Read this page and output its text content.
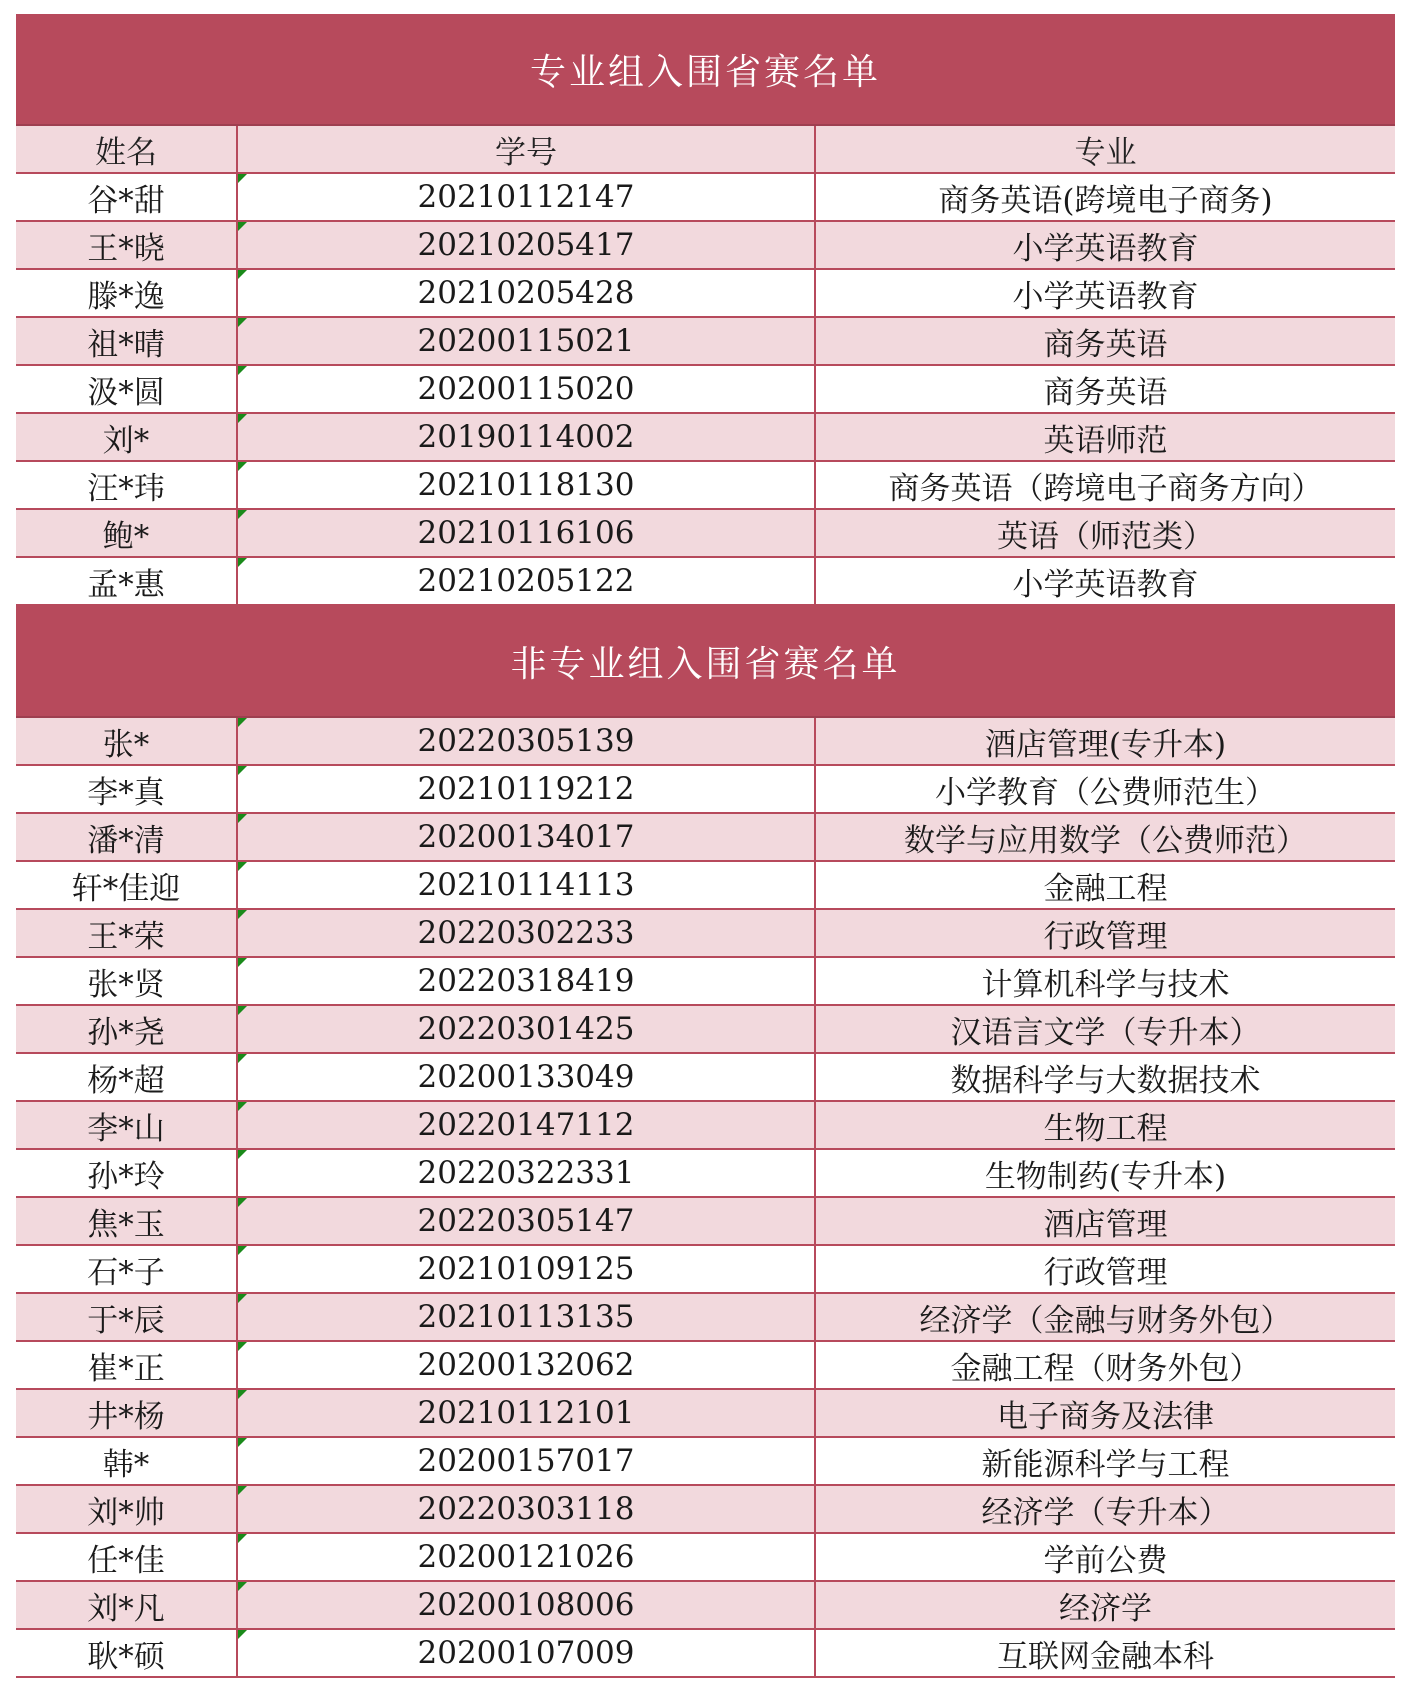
专业组入围省赛名单
姓名	学号	专业
谷*甜	20210112147	商务英语(跨境电子商务)
王*晓	20210205417	小学英语教育
滕*逸	20210205428	小学英语教育
祖*晴	20200115021	商务英语
汲*圆	20200115020	商务英语
刘*	20190114002	英语师范
汪*玮	20210118130	商务英语（跨境电子商务方向）
鲍*	20210116106	英语（师范类）
孟*惠	20210205122	小学英语教育
非专业组入围省赛名单
张*	20220305139	酒店管理(专升本)
李*真	20210119212	小学教育（公费师范生）
潘*清	20200134017	数学与应用数学（公费师范）
轩*佳迎	20210114113	金融工程
王*荣	20220302233	行政管理
张*贤	20220318419	计算机科学与技术
孙*尧	20220301425	汉语言文学（专升本）
杨*超	20200133049	数据科学与大数据技术
李*山	20220147112	生物工程
孙*玲	20220322331	生物制药(专升本)
焦*玉	20220305147	酒店管理
石*子	20210109125	行政管理
于*辰	20210113135	经济学（金融与财务外包）
崔*正	20200132062	金融工程（财务外包）
井*杨	20210112101	电子商务及法律
韩*	20200157017	新能源科学与工程
刘*帅	20220303118	经济学（专升本）
任*佳	20200121026	学前公费
刘*凡	20200108006	经济学
耿*硕	20200107009	互联网金融本科
